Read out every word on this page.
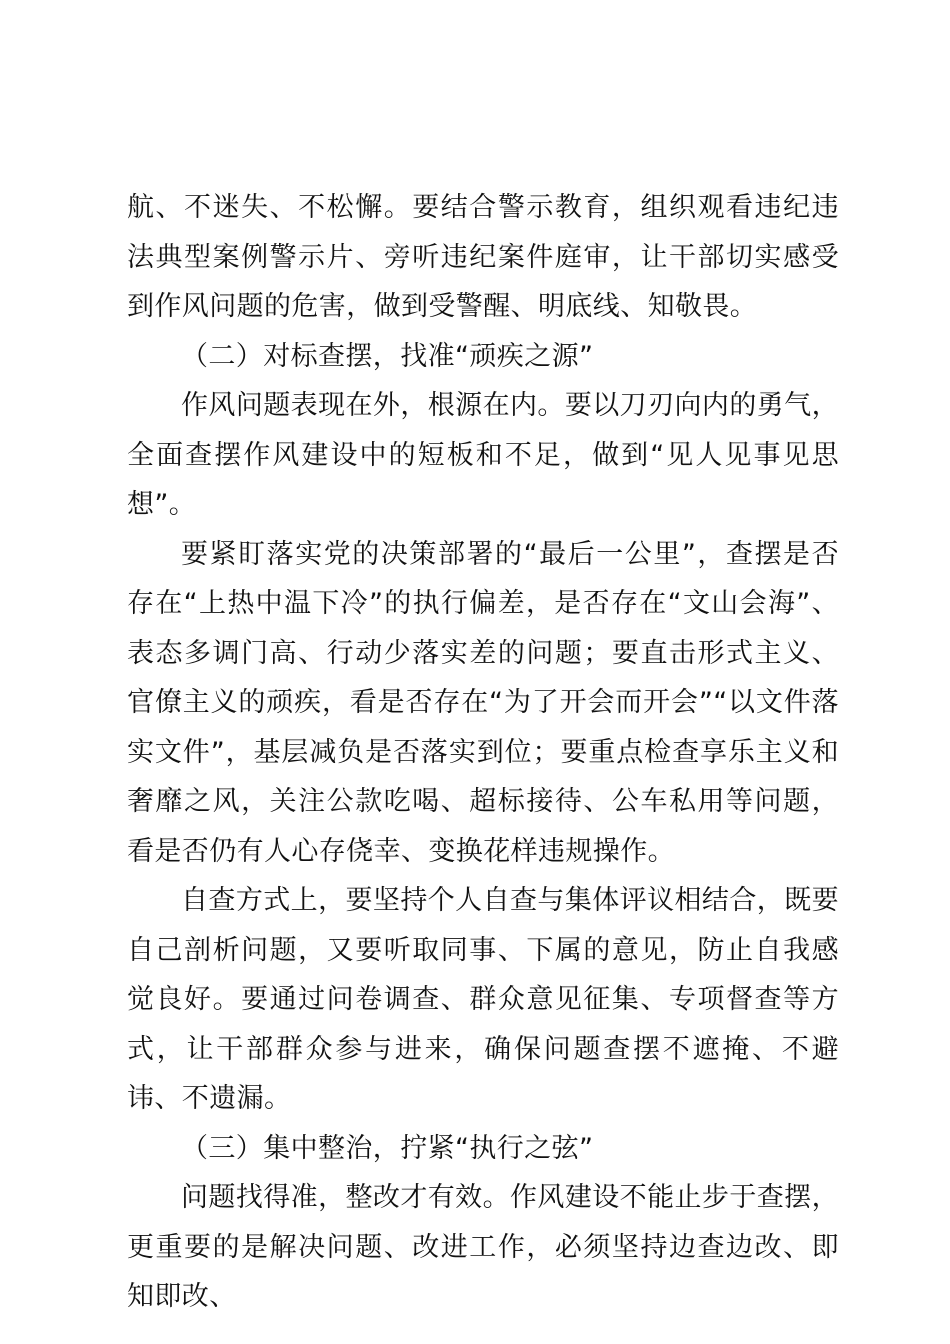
航、不迷失、不松懈。要结合警示教育，组织观看违纪违法典型案例警示片、旁听违纪案件庭审，让干部切实感受到作风问题的危害，做到受警醒、明底线、知敬畏。

（二）对标查摆，找准“顽疾之源”

作风问题表现在外，根源在内。要以刀刃向内的勇气，全面查摆作风建设中的短板和不足，做到“见人见事见思想”。

要紧盯落实党的决策部署的“最后一公里”，查摆是否存在“上热中温下冷”的执行偏差，是否存在“文山会海”、表态多调门高、行动少落实差的问题；要直击形式主义、官僚主义的顽疾，看是否存在“为了开会而开会”“以文件落实文件”，基层减负是否落实到位；要重点检查享乐主义和奢靡之风，关注公款吃喝、超标接待、公车私用等问题，看是否仍有人心存侥幸、变换花样违规操作。

自查方式上，要坚持个人自查与集体评议相结合，既要自己剖析问题，又要听取同事、下属的意见，防止自我感觉良好。要通过问卷调查、群众意见征集、专项督查等方式，让干部群众参与进来，确保问题查摆不遮掩、不避讳、不遗漏。

（三）集中整治，拧紧“执行之弦”

问题找得准，整改才有效。作风建设不能止步于查摆，更重要的是解决问题、改进工作，必须坚持边查边改、即知即改、
